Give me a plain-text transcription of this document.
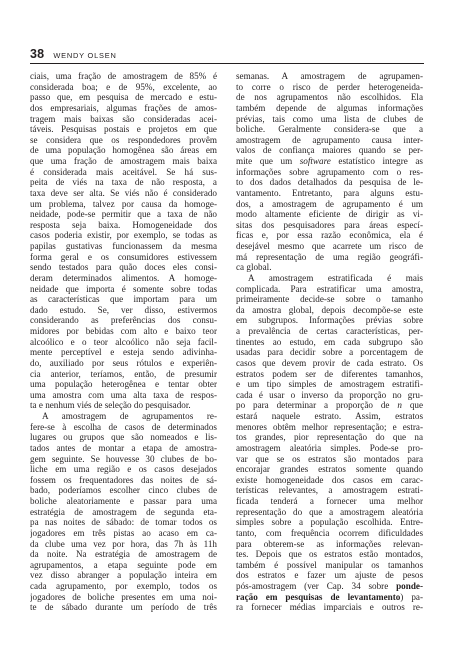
38 WENDY OLSEN
ciais, uma fração de amostragem de 85% é
considerada boa; e de 95%, excelente, ao
passo que, em pesquisa de mercado e estu-
dos empresariais, algumas frações de amos-
tragem mais baixas são consideradas acei-
táveis. Pesquisas postais e projetos em que
se considera que os respondedores provêm
de uma população homogênea são áreas em
que uma fração de amostragem mais baixa
é considerada mais aceitável. Se há sus-
peita de viés na taxa de não resposta, a
taxa deve ser alta. Se viés não é considerado
um problema, talvez por causa da homoge-
neidade, pode-se permitir que a taxa de não
resposta seja baixa. Homogeneidade dos
casos poderia existir, por exemplo, se todas as
papilas gustativas funcionassem da mesma
forma geral e os consumidores estivessem
sendo testados para quão doces eles consi-
deram determinados alimentos. A homoge-
neidade que importa é somente sobre todas
as características que importam para um
dado estudo. Se, ver disso, estivermos
considerando as preferências dos consu-
midores por bebidas com alto e baixo teor
alcoólico e o teor alcoólico não seja facil-
mente perceptível e esteja sendo adivinha-
do, auxiliado por seus rótulos e experiên-
cia anterior, teríamos, então, de presumir
uma população heterogênea e tentar obter
uma amostra com uma alta taxa de respos-
ta e nenhum viés de seleção do pesquisador.
A amostragem de agrupamentos re-
fere-se à escolha de casos de determinados
lugares ou grupos que são nomeados e lis-
tados antes de montar a etapa de amostra-
gem seguinte. Se houvesse 30 clubes de bo-
liche em uma região e os casos desejados
fossem os frequentadores das noites de sá-
bado, poderíamos escolher cinco clubes de
boliche aleatoriamente e passar para uma
estratégia de amostragem de segunda eta-
pa nas noites de sábado: de tomar todos os
jogadores em três pistas ao acaso em ca-
da clube uma vez por hora, das 7h às 11h
da noite. Na estratégia de amostragem de
agrupamentos, a etapa seguinte pode em
vez disso abranger a população inteira em
cada agrupamento, por exemplo, todos os
jogadores de boliche presentes em uma noi-
te de sábado durante um período de três
semanas. A amostragem de agrupamen-
to corre o risco de perder heterogeneida-
de nos agrupamentos não escolhidos. Ela
também depende de algumas informações
prévias, tais como uma lista de clubes de
boliche. Geralmente considera-se que a
amostragem de agrupamento causa inter-
valos de confiança maiores quando se per-
mite que um software estatístico integre as
informações sobre agrupamento com o res-
to dos dados detalhados da pesquisa de le-
vantamento. Entretanto, para alguns estu-
dos, a amostragem de agrupamento é um
modo altamente eficiente de dirigir as vi-
sitas dos pesquisadores para áreas especí-
ficas e, por essa razão econômica, ela é
desejável mesmo que acarrete um risco de
má representação de uma região geográfi-
ca global.
A amostragem estratificada é mais
complicada. Para estratificar uma amostra,
primeiramente decide-se sobre o tamanho
da amostra global, depois decompõe-se este
em subgrupos. Informações prévias sobre
a prevalência de certas características, per-
tinentes ao estudo, em cada subgrupo são
usadas para decidir sobre a porcentagem de
casos que devem provir de cada estrato. Os
estratos podem ser de diferentes tamanhos,
e um tipo simples de amostragem estratifi-
cada é usar o inverso da proporção no gru-
po para determinar a proporção de n que
estará naquele estrato. Assim, estratos
menores obtêm melhor representação; e estra-
tos grandes, pior representação do que na
amostragem aleatória simples. Pode-se pro-
var que se os estratos são montados para
encorajar grandes estratos somente quando
existe homogeneidade dos casos em carac-
terísticas relevantes, a amostragem estrati-
ficada tenderá a fornecer uma melhor
representação do que a amostragem aleatória
simples sobre a população escolhida. Entre-
tanto, com frequência ocorrem dificuldades
para obterem-se as informações relevan-
tes. Depois que os estratos estão montados,
também é possível manipular os tamanhos
dos estratos e fazer um ajuste de pesos
pós-amostragem (ver Cap. 34 sobre ponde-
ração em pesquisas de levantamento) pa-
ra fornecer médias imparciais e outros re-
